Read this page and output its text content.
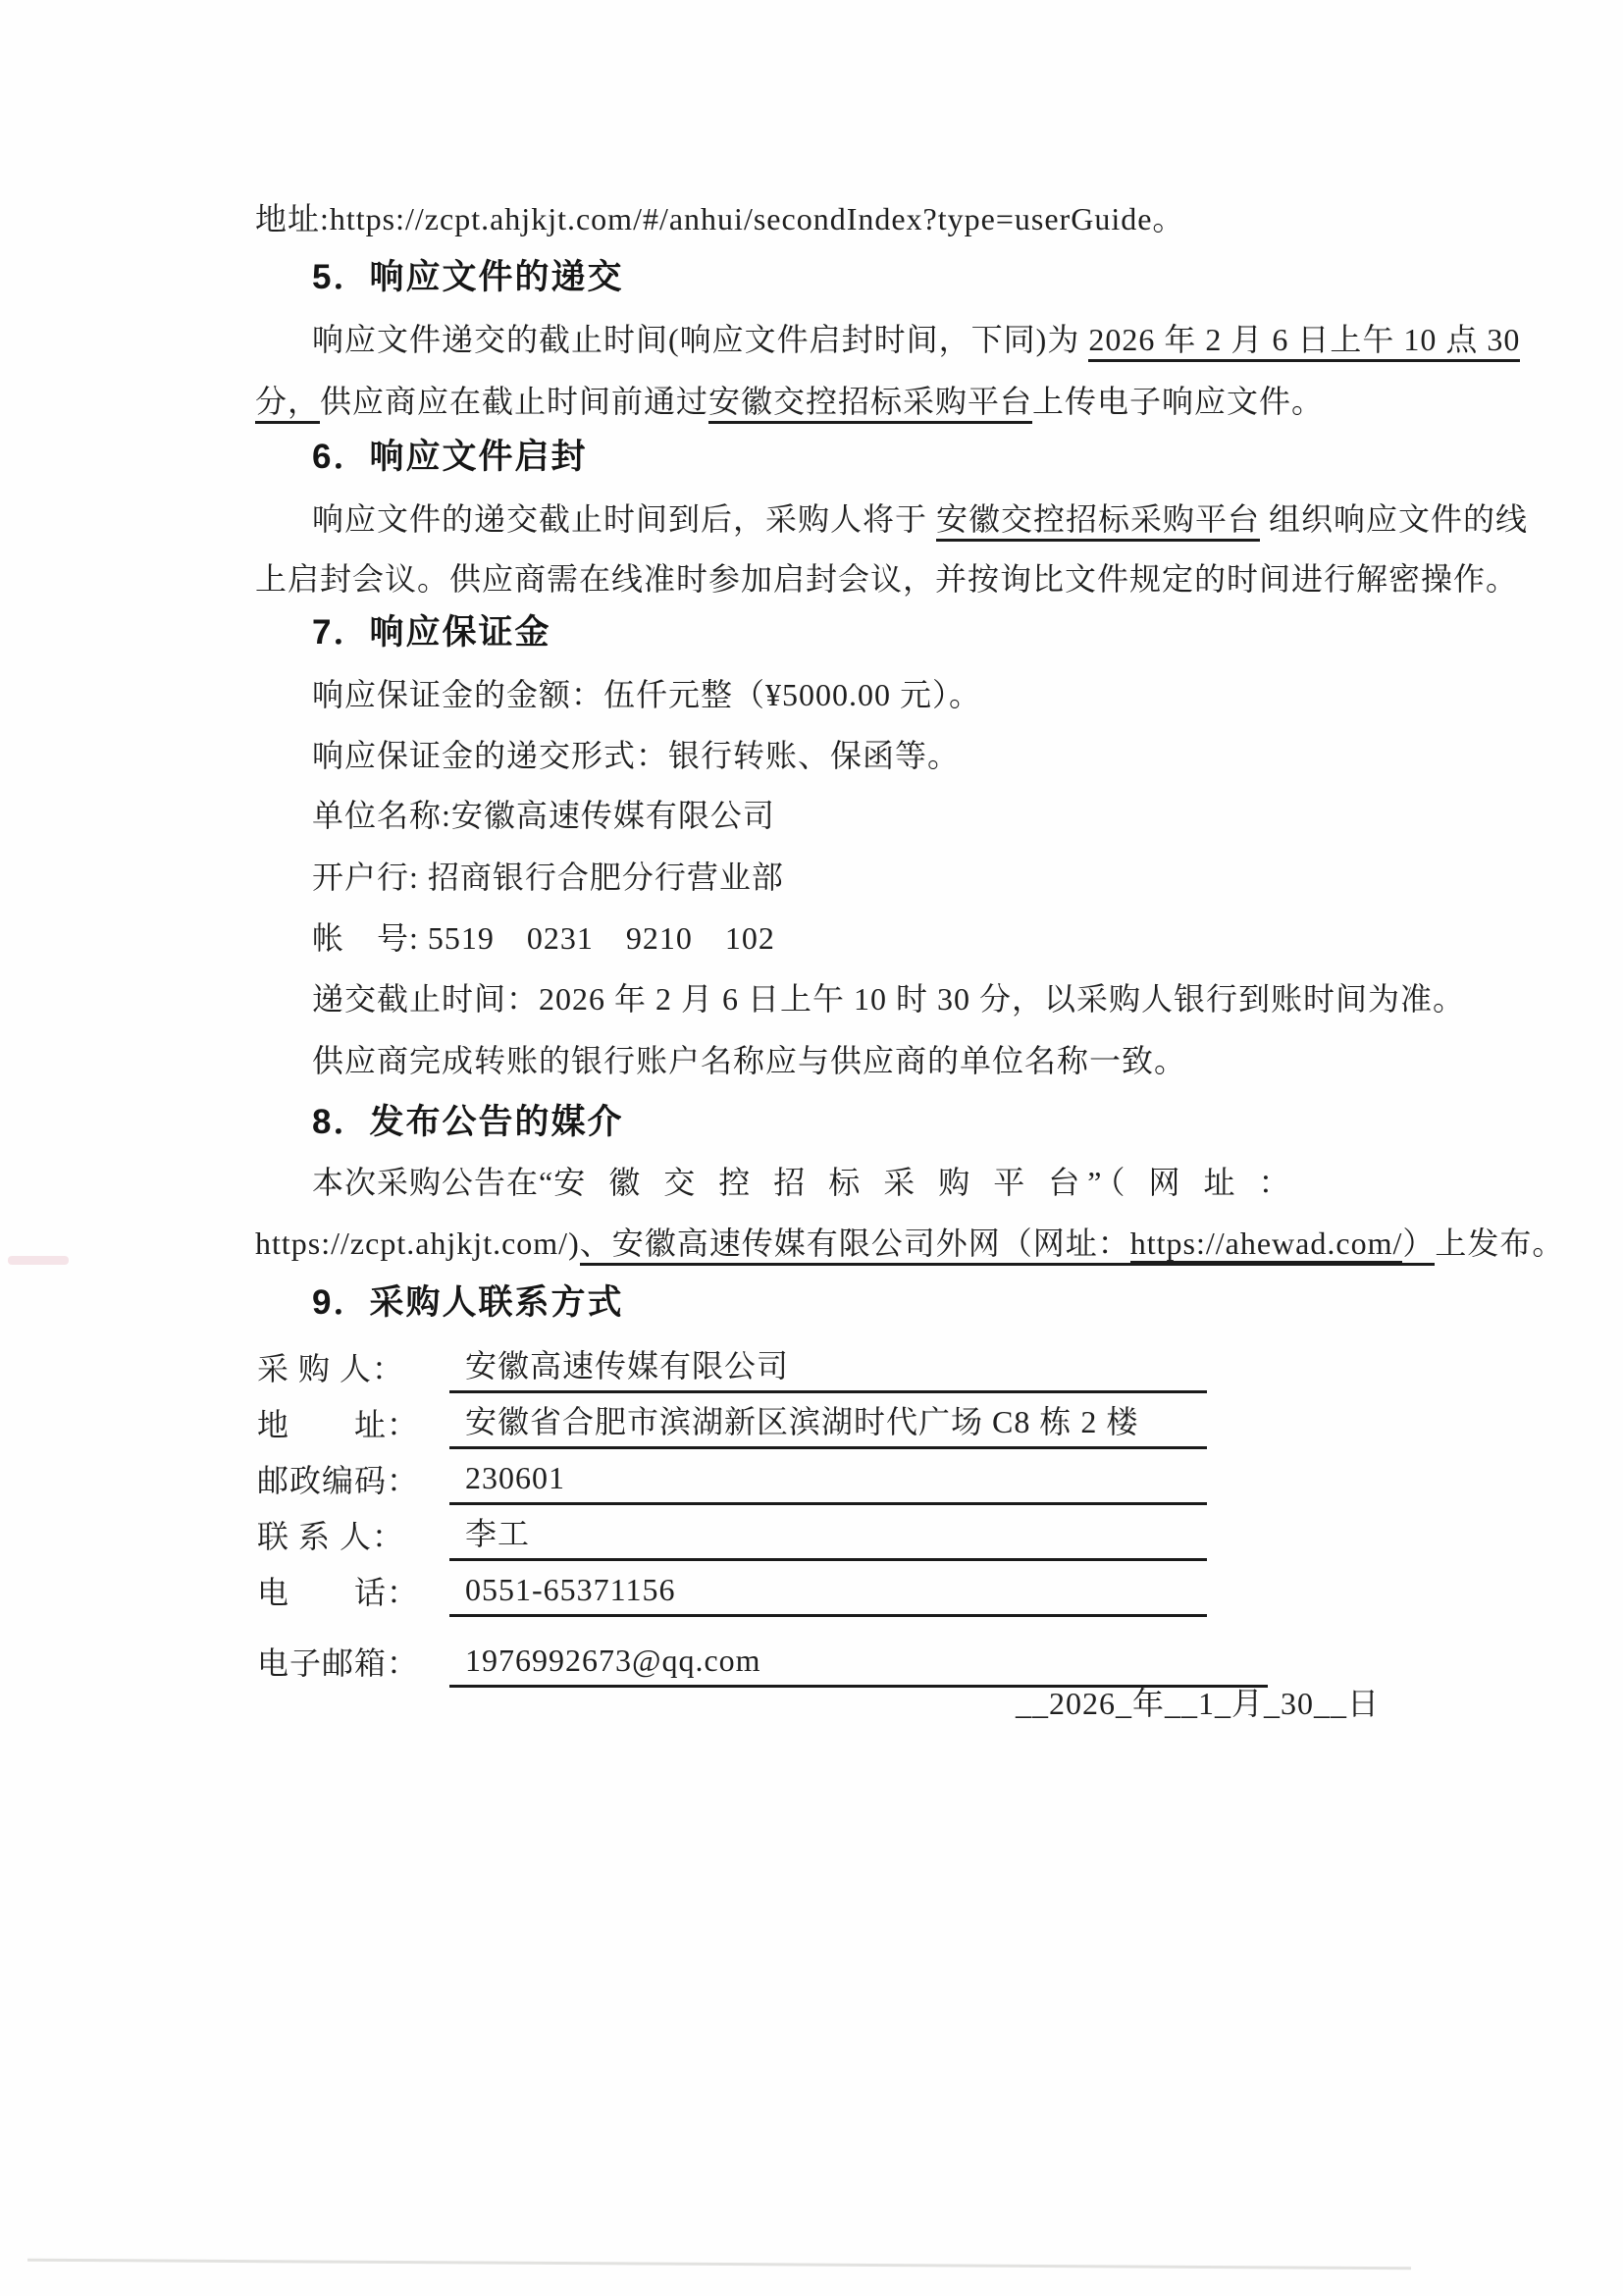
地址:https://zcpt.ahjkjt.com/#/anhui/secondIndex?type=userGuide。
5．响应文件的递交
响应文件递交的截止时间(响应文件启封时间，下同)为 2026 年 2 月 6 日上午 10 点 30
分，供应商应在截止时间前通过安徽交控招标采购平台上传电子响应文件。
6．响应文件启封
响应文件的递交截止时间到后，采购人将于 安徽交控招标采购平台 组织响应文件的线
上启封会议。供应商需在线准时参加启封会议，并按询比文件规定的时间进行解密操作。
7．响应保证金
响应保证金的金额：伍仟元整（¥5000.00 元）。
响应保证金的递交形式：银行转账、保函等。
单位名称:安徽高速传媒有限公司
开户行: 招商银行合肥分行营业部
帐　号: 5519　0231　9210　102
递交截止时间：2026 年 2 月 6 日上午 10 时 30 分，以采购人银行到账时间为准。
供应商完成转账的银行账户名称应与供应商的单位名称一致。
8．发布公告的媒介
本次采购公告在“安 徽 交 控 招 标 采 购 平 台”（ 网 址 ：
https://zcpt.ahjkjt.com/)、安徽高速传媒有限公司外网（网址：https://ahewad.com/）上发布。
9．采购人联系方式
采 购 人：	安徽高速传媒有限公司
地　　址：	安徽省合肥市滨湖新区滨湖时代广场 C8 栋 2 楼
邮政编码：	230601
联 系 人：	李工
电　　话：	0551-65371156
电子邮箱：	1976992673@qq.com
__2026_年__1_月_30__日
